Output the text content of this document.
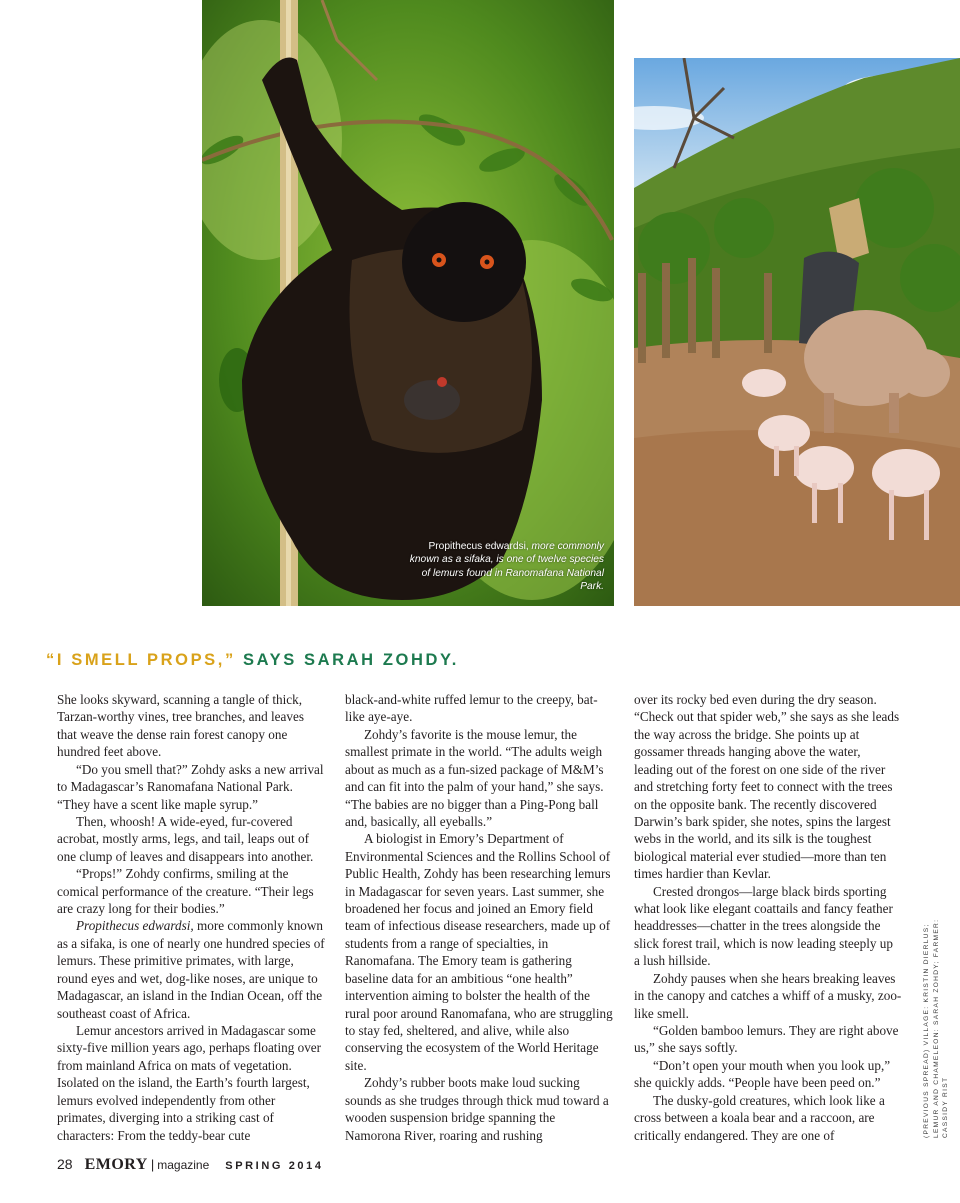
Propithecus edwardsi, more commonly known as a sifaka, is one of twelve species of lemurs found in Ranomafana National Park.
“I SMELL PROPS,” SAYS SARAH ZOHDY.

She looks skyward, scanning a tangle of thick, Tarzan-worthy vines, tree branches, and leaves that weave the dense rain forest canopy one hundred feet above.

“Do you smell that?” Zohdy asks a new arrival to Madagascar’s Ranomafana National Park. “They have a scent like maple syrup.”

Then, whoosh! A wide-eyed, fur-covered acrobat, mostly arms, legs, and tail, leaps out of one clump of leaves and disappears into another.

“Props!” Zohdy confirms, smiling at the comical performance of the creature. “Their legs are crazy long for their bodies.”

Propithecus edwardsi, more commonly known as a sifaka, is one of nearly one hundred species of lemurs. These primitive primates, with large, round eyes and wet, dog-like noses, are unique to Madagascar, an island in the Indian Ocean, off the southeast coast of Africa.

Lemur ancestors arrived in Madagascar some sixty-five million years ago, perhaps floating over from mainland Africa on mats of vegetation. Isolated on the island, the Earth’s fourth largest, lemurs evolved independently from other primates, diverging into a striking cast of characters: From the teddy-bear cute

black-and-white ruffed lemur to the creepy, bat-like aye-aye.

Zohdy’s favorite is the mouse lemur, the smallest primate in the world. “The adults weigh about as much as a fun-sized package of M&M’s and can fit into the palm of your hand,” she says. “The babies are no bigger than a Ping-Pong ball and, basically, all eyeballs.”

A biologist in Emory’s Department of Environmental Sciences and the Rollins School of Public Health, Zohdy has been researching lemurs in Madagascar for seven years. Last summer, she broadened her focus and joined an Emory field team of infectious disease researchers, made up of students from a range of specialties, in Ranomafana. The Emory team is gathering baseline data for an ambitious “one health” intervention aiming to bolster the health of the rural poor around Ranomafana, who are struggling to stay fed, sheltered, and alive, while also conserving the ecosystem of the World Heritage site.

Zohdy’s rubber boots make loud sucking sounds as she trudges through thick mud toward a wooden suspension bridge spanning the Namorona River, roaring and rushing

over its rocky bed even during the dry season. “Check out that spider web,” she says as she leads the way across the bridge. She points up at gossamer threads hanging above the water, leading out of the forest on one side of the river and stretching forty feet to connect with the trees on the opposite bank. The recently discovered Darwin’s bark spider, she notes, spins the largest webs in the world, and its silk is the toughest biological material ever studied—more than ten times hardier than Kevlar.

Crested drongos—large black birds sporting what look like elegant coattails and fancy feather headdresses—chatter in the trees alongside the slick forest trail, which is now leading steeply up a lush hillside.

Zohdy pauses when she hears breaking leaves in the canopy and catches a whiff of a musky, zoo-like smell.

“Golden bamboo lemurs. They are right above us,” she says softly.

“Don’t open your mouth when you look up,” she quickly adds. “People have been peed on.”

The dusky-gold creatures, which look like a cross between a koala bear and a raccoon, are critically endangered. They are one of	(PREVIOUS SPREAD) VILLAGE: KRISTIN DIERLUS; LEMUR AND CHAMELEON: SARAH ZOHDY; FARMER: CASSIDY RIST
28 EMORY | magazine SPRING 2014
